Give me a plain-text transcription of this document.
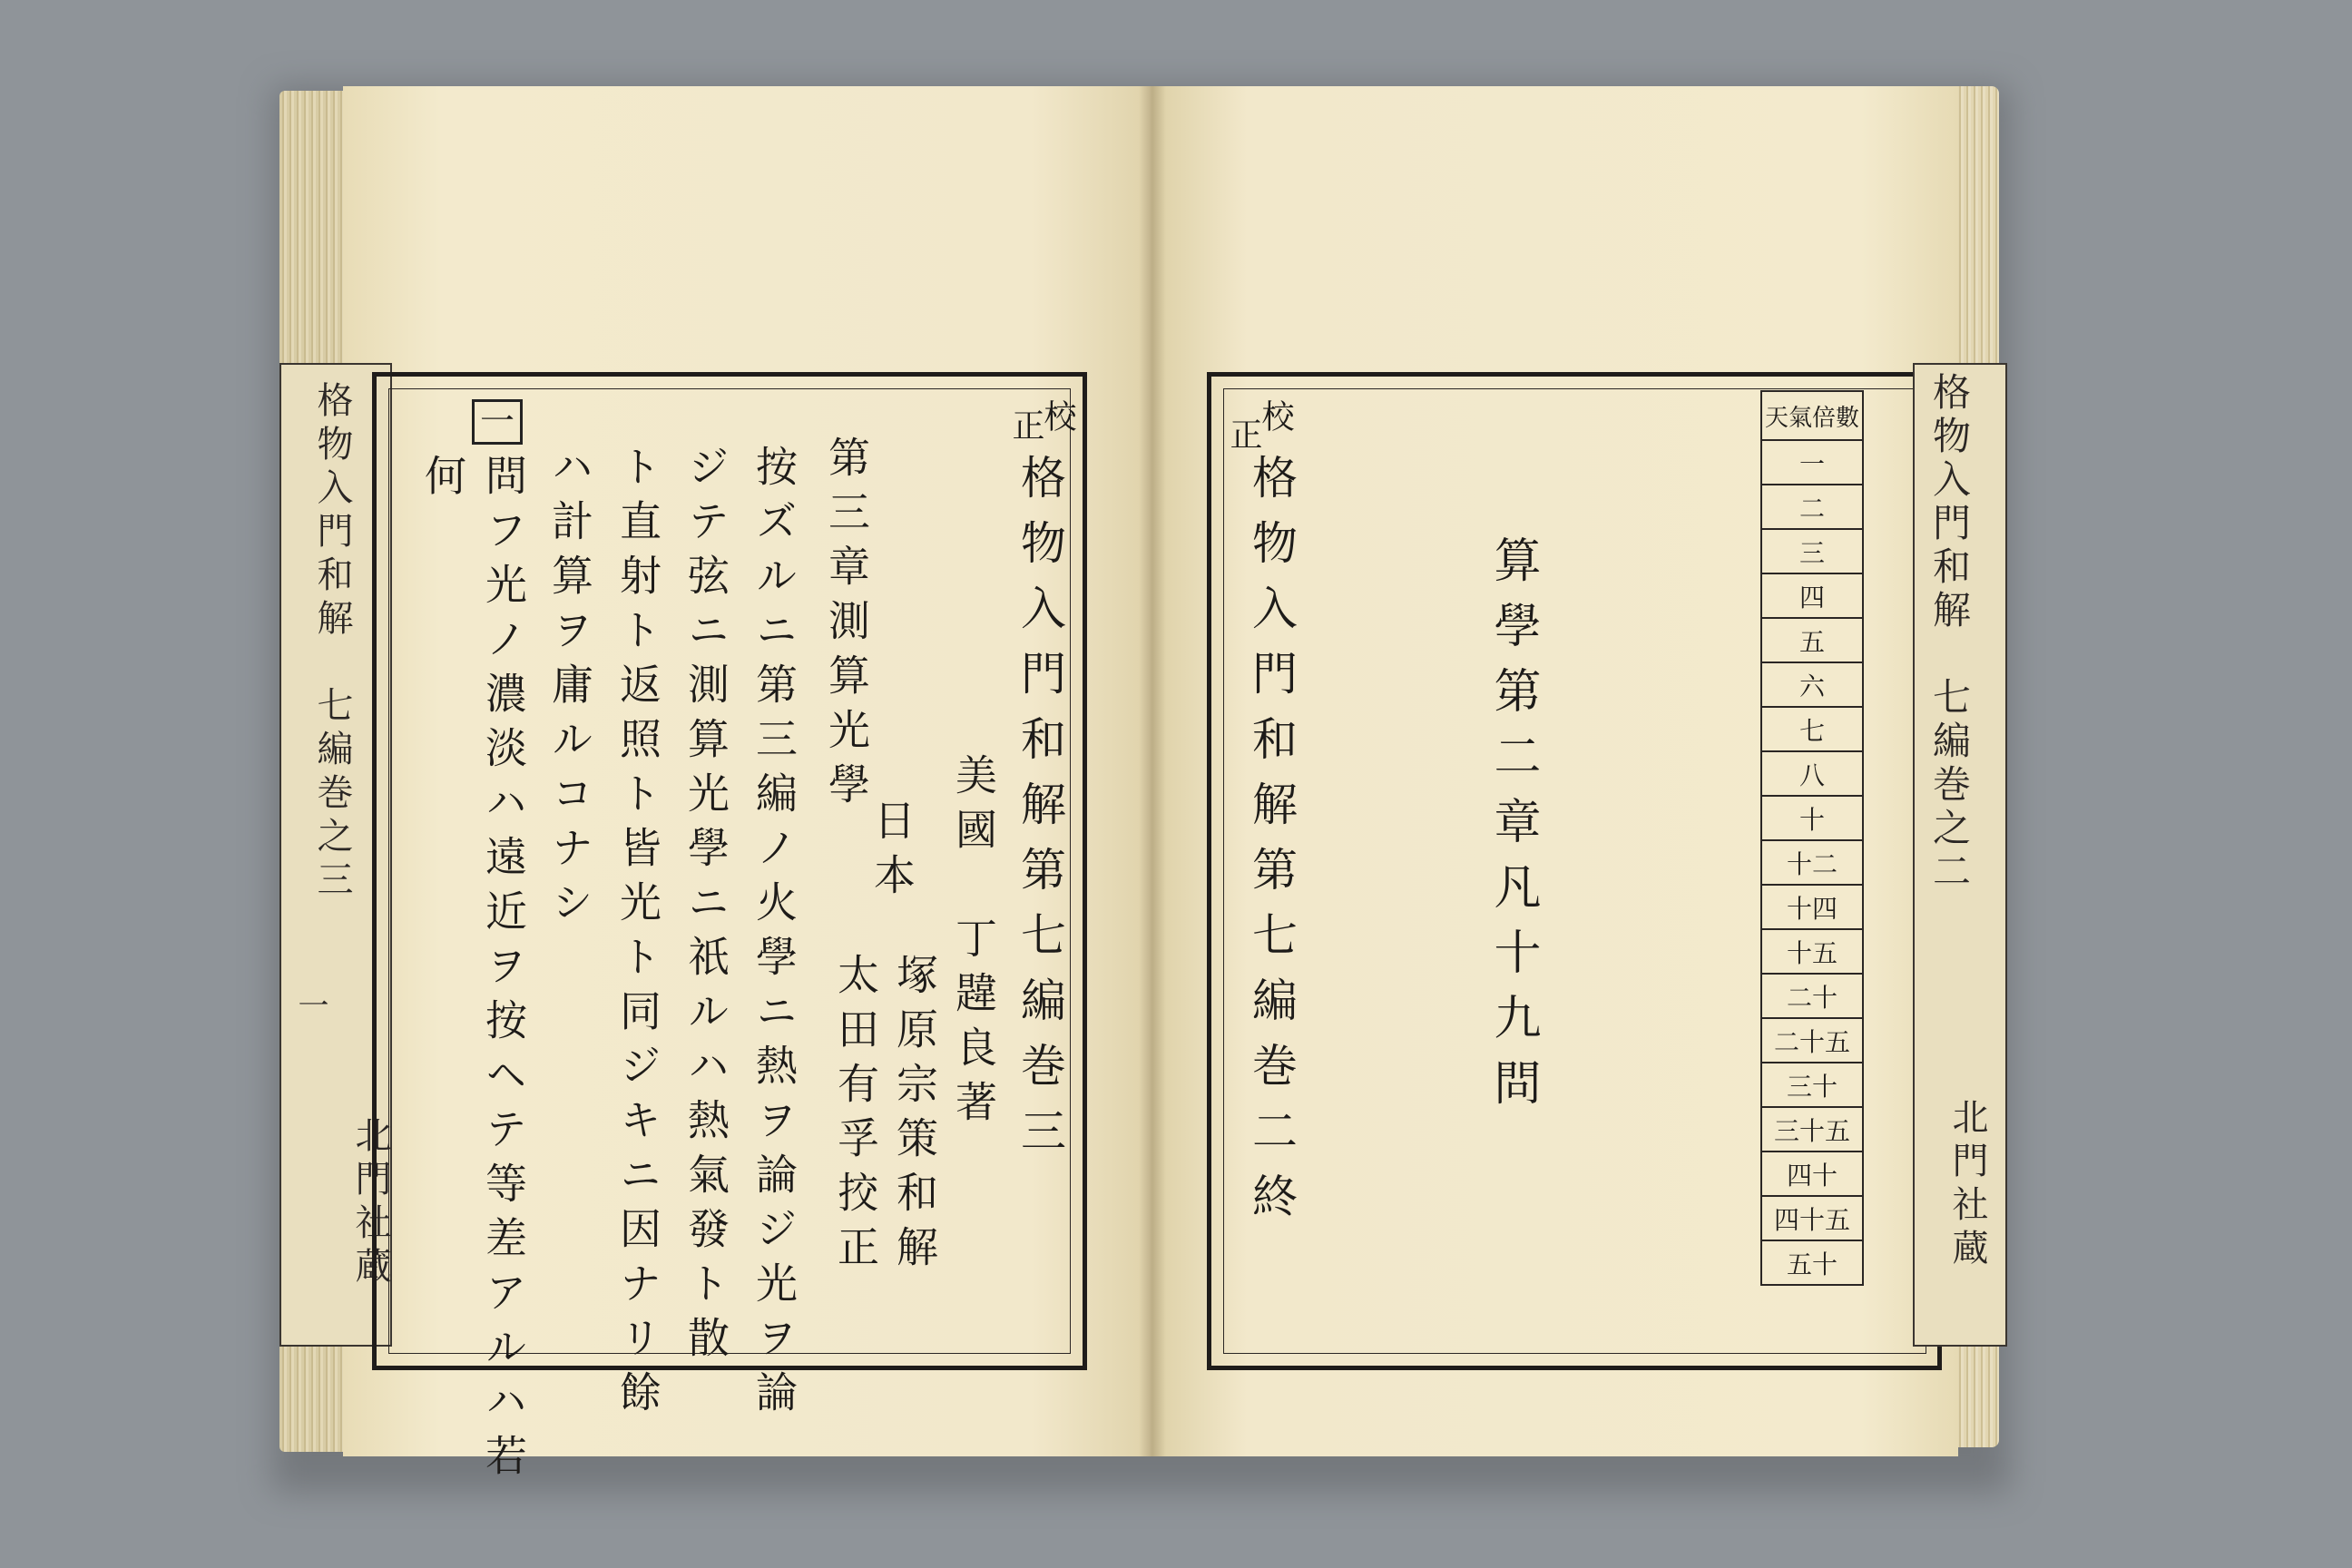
格物入門和解　七編巻之三
一
北門社蔵
校
正
格物入門和解第七編巻三
美國　丁韙良著
塚原宗策和解
太田有孚挍正
第三章測算光學
日本
按ズルニ第三編ノ火學ニ熱ヲ論ジ光ヲ論
ジテ弦ニ測算光學ニ祇ルハ熱氣發ト散
ト直射ト返照ト皆光ト同ジキニ因ナリ餘
ハ計算ヲ庸ルコナシ
一
問フ光ノ濃淡ハ遠近ヲ按ヘテ等差アルハ若
何
校
正
格物入門和解第七編巻二終	算學第二章凡十九問
天氣倍數
一
二
三
四
五
六
七
八
十
十二
十四
十五
二十
二十五
三十
三十五
四十
四十五
五十
格物入門和解　七編巻之二
北門社蔵
